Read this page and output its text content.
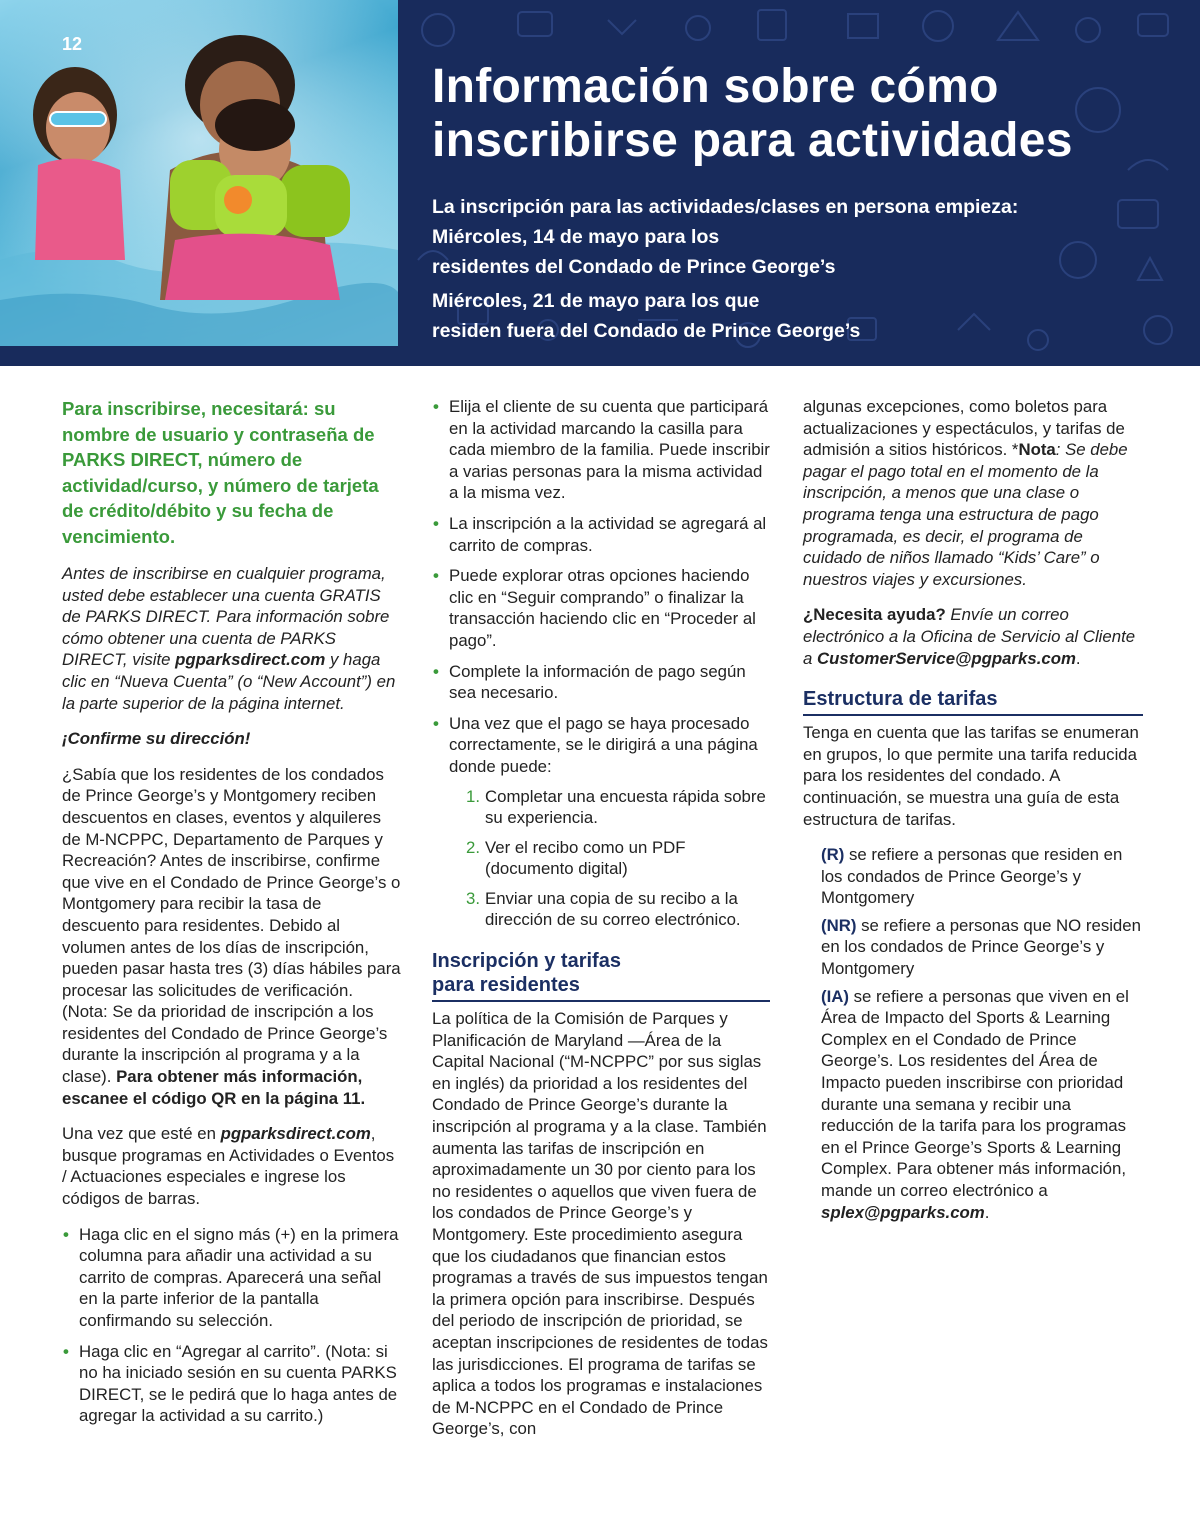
12
Información sobre cómo
inscribirse para actividades

La inscripción para las actividades/clases en persona empieza:

Miércoles, 14 de mayo para los

residentes del Condado de Prince George’s

Miércoles, 21 de mayo para los que

residen fuera del Condado de Prince George’s

Para inscribirse, necesitará: su nombre de usuario y contraseña de PARKS DIRECT, número de actividad/curso, y número de tarjeta de crédito/débito y su fecha de vencimiento.

Antes de inscribirse en cualquier programa, usted debe establecer una cuenta GRATIS de PARKS DIRECT. Para información sobre cómo obtener una cuenta de PARKS DIRECT, visite pgparksdirect.com y haga clic en “Nueva Cuenta” (o “New Account”) en la parte superior de la página internet.

¡Confirme su dirección!

¿Sabía que los residentes de los condados de Prince George’s y Montgomery reciben descuentos en clases, eventos y alquileres de M-NCPPC, Departamento de Parques y Recreación? Antes de inscribirse, confirme que vive en el Condado de Prince George’s o Montgomery para recibir la tasa de descuento para residentes. Debido al volumen antes de los días de inscripción, pueden pasar hasta tres (3) días hábiles para procesar las solicitudes de verificación. (Nota: Se da prioridad de inscripción a los residentes del Condado de Prince George’s durante la inscripción al programa y a la clase). Para obtener más información, escanee el código QR en la página 11.

Una vez que esté en pgparksdirect.com, busque programas en Actividades o Eventos / Actuaciones especiales e ingrese los códigos de barras.

• Haga clic en el signo más (+) en la primera columna para añadir una actividad a su carrito de compras. Aparecerá una señal en la parte inferior de la pantalla confirmando su selección.
• Haga clic en “Agregar al carrito”. (Nota: si no ha iniciado sesión en su cuenta PARKS DIRECT, se le pedirá que lo haga antes de agregar la actividad a su carrito.)
• Elija el cliente de su cuenta que participará en la actividad marcando la casilla para cada miembro de la familia. Puede inscribir a varias personas para la misma actividad a la misma vez.
• La inscripción a la actividad se agregará al carrito de compras.
• Puede explorar otras opciones haciendo clic en “Seguir comprando” o finalizar la transacción haciendo clic en “Proceder al pago”.
• Complete la información de pago según sea necesario.
• Una vez que el pago se haya procesado correctamente, se le dirigirá a una página donde puede:
1. Completar una encuesta rápida sobre su experiencia.
2. Ver el recibo como un PDF (documento digital)
3. Enviar una copia de su recibo a la dirección de su correo electrónico.
Inscripción y tarifas
para residentes

La política de la Comisión de Parques y Planificación de Maryland —Área de la Capital Nacional (“M-NCPPC” por sus siglas en inglés) da prioridad a los residentes del Condado de Prince George’s durante la inscripción al programa y a la clase. También aumenta las tarifas de inscripción en aproximadamente un 30 por ciento para los no residentes o aquellos que viven fuera de los condados de Prince George’s y Montgomery. Este procedimiento asegura que los ciudadanos que financian estos programas a través de sus impuestos tengan la primera opción para inscribirse. Después del periodo de inscripción de prioridad, se aceptan inscripciones de residentes de todas las jurisdicciones. El programa de tarifas se aplica a todos los programas e instalaciones de M-NCPPC en el Condado de Prince George’s, con

algunas excepciones, como boletos para actualizaciones y espectáculos, y tarifas de admisión a sitios históricos. *Nota: Se debe pagar el pago total en el momento de la inscripción, a menos que una clase o programa tenga una estructura de pago programada, es decir, el programa de cuidado de niños llamado “Kids’ Care” o nuestros viajes y excursiones.

¿Necesita ayuda? Envíe un correo electrónico a la Oficina de Servicio al Cliente a CustomerService@pgparks.com.

Estructura de tarifas

Tenga en cuenta que las tarifas se enumeran en grupos, lo que permite una tarifa reducida para los residentes del condado. A continuación, se muestra una guía de esta estructura de tarifas.

(R) se refiere a personas que residen en los condados de Prince George’s y Montgomery

(NR) se refiere a personas que NO residen en los condados de Prince George’s y Montgomery

(IA) se refiere a personas que viven en el Área de Impacto del Sports & Learning Complex en el Condado de Prince George’s. Los residentes del Área de Impacto pueden inscribirse con prioridad durante una semana y recibir una reducción de la tarifa para los programas en el Prince George’s Sports & Learning Complex. Para obtener más información, mande un correo electrónico a splex@pgparks.com.
